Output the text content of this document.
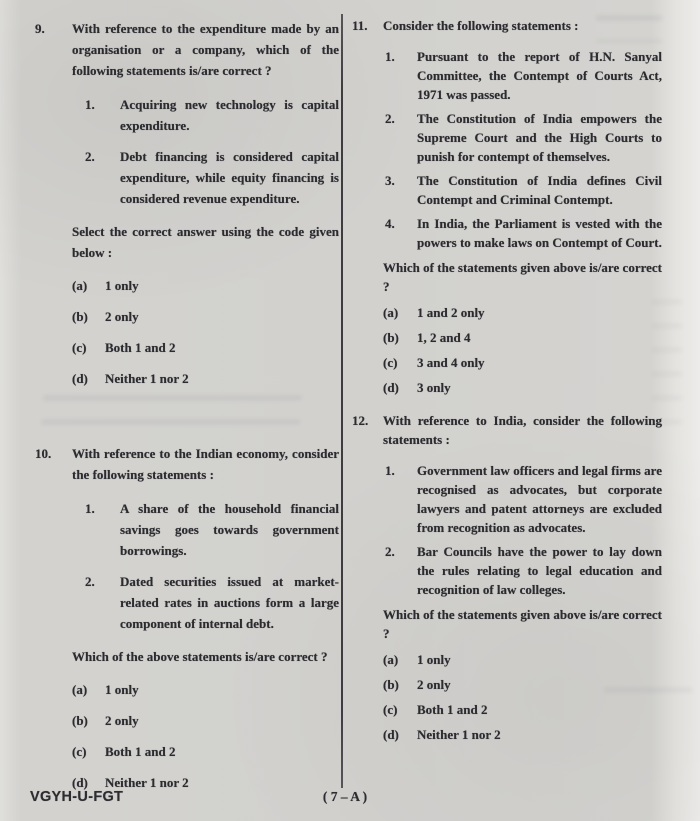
9.	With reference to the expenditure made by an organisation or a company, which of the following statements is/are correct ?

1.	Acquiring new technology is capital expenditure.
2.	Debt financing is considered capital expenditure, while equity financing is considered revenue expenditure.

Select the correct answer using the code given below :

(a)	1 only
(b)	2 only
(c)	Both 1 and 2
(d)	Neither 1 nor 2
10.	With reference to the Indian economy, consider the following statements :

1.	A share of the household financial savings goes towards government borrowings.
2.	Dated securities issued at market-related rates in auctions form a large component of internal debt.

Which of the above statements is/are correct ?

(a)	1 only
(b)	2 only
(c)	Both 1 and 2
(d)	Neither 1 nor 2
11.	Consider the following statements :

1.	Pursuant to the report of H.N. Sanyal Committee, the Contempt of Courts Act, 1971 was passed.
2.	The Constitution of India empowers the Supreme Court and the High Courts to punish for contempt of themselves.
3.	The Constitution of India defines Civil Contempt and Criminal Contempt.
4.	In India, the Parliament is vested with the powers to make laws on Contempt of Court.

Which of the statements given above is/are correct ?

(a)	1 and 2 only
(b)	1, 2 and 4
(c)	3 and 4 only
(d)	3 only
12.	With reference to India, consider the following statements :

1.	Government law officers and legal firms are recognised as advocates, but corporate lawyers and patent attorneys are excluded from recognition as advocates.
2.	Bar Councils have the power to lay down the rules relating to legal education and recognition of law colleges.

Which of the statements given above is/are correct ?

(a)	1 only
(b)	2 only
(c)	Both 1 and 2
(d)	Neither 1 nor 2
VGYH-U-FGT	( 7 – A )
